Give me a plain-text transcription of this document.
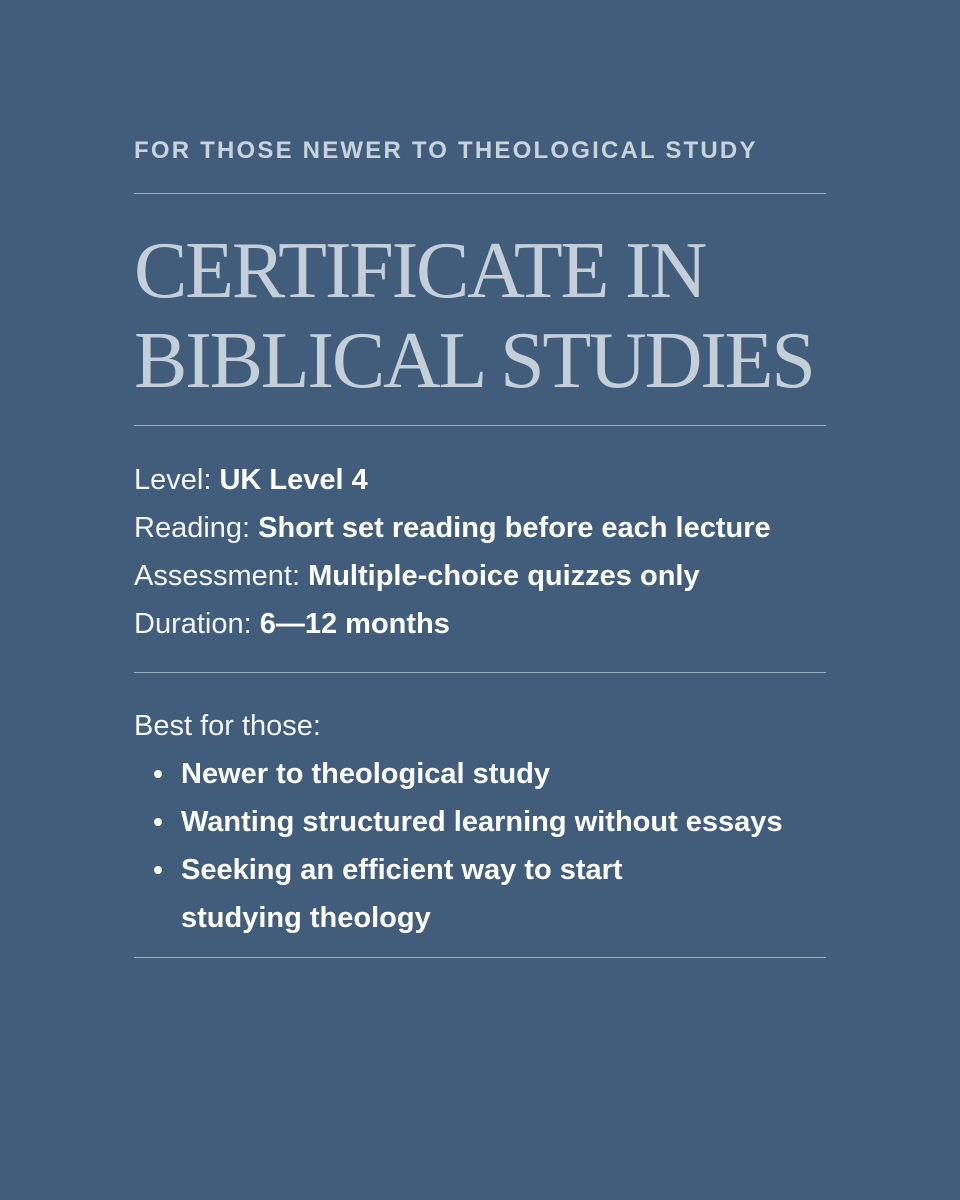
FOR THOSE NEWER TO THEOLOGICAL STUDY
CERTIFICATE IN
BIBLICAL STUDIES
Level: UK Level 4
Reading: Short set reading before each lecture
Assessment: Multiple-choice quizzes only
Duration: 6—12 months
Best for those:
Newer to theological study
Wanting structured learning without essays
Seeking an efficient way to start
studying theology
